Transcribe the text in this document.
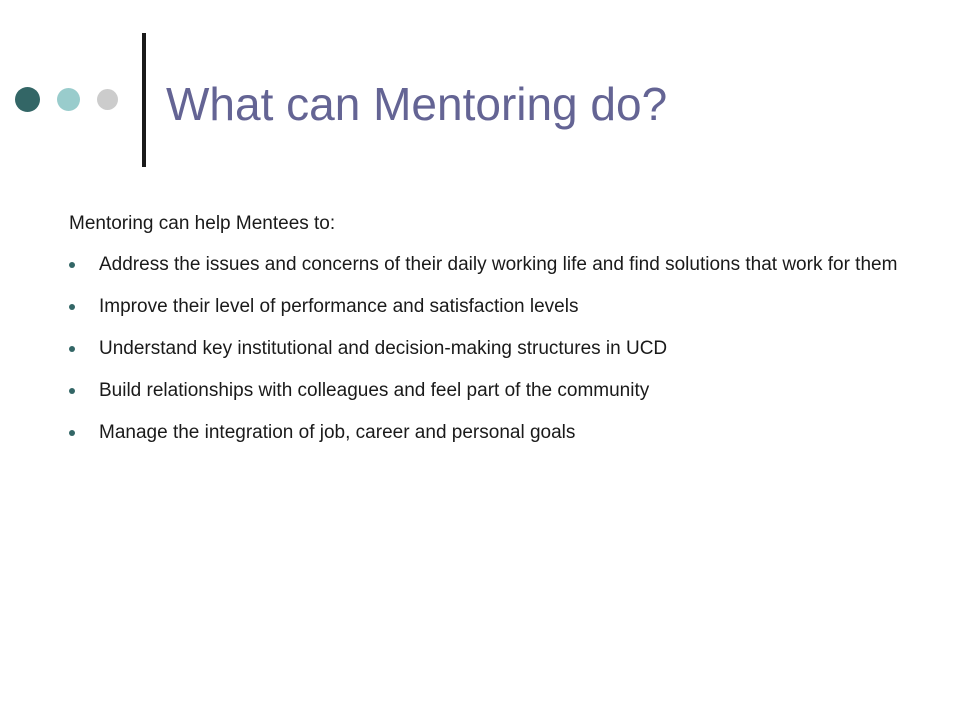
What can Mentoring do?

Mentoring can help Mentees to:

Address the issues and concerns of their daily working life and find solutions that work for them
Improve their level of performance and satisfaction levels
Understand key institutional and decision-making structures in UCD
Build relationships with colleagues and feel part of the community
Manage the integration of job, career and personal goals
